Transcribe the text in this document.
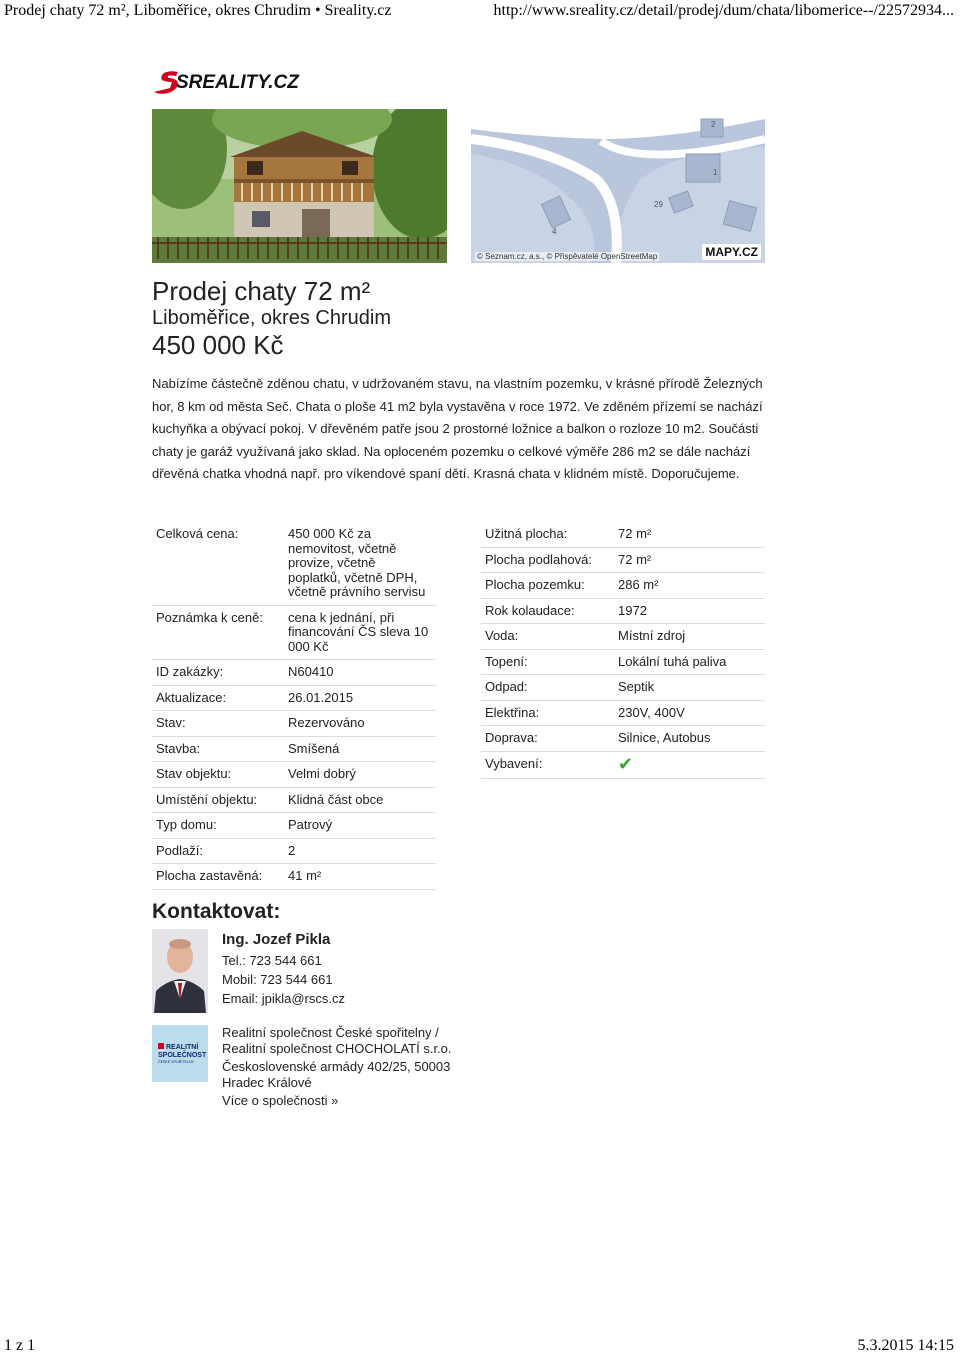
Prodej chaty 72 m², Liboměřice, okres Chrudim • Sreality.cz	http://www.sreality.cz/detail/prodej/dum/chata/libomerice--/22572934...
SREALITY.CZ
2
1
29
4
© Seznam.cz, a.s., © Přispěvatelé OpenStreetMap	MAPY.CZ
Prodej chaty 72 m²
Liboměřice, okres Chrudim
450 000 Kč

Nabízíme částečně zděnou chatu, v udržovaném stavu, na vlastním pozemku, v krásné přírodě Železných hor, 8 km od města Seč. Chata o ploše 41 m2 byla vystavěna v roce 1972. Ve zděném přízemí se nachází kuchyňka a obývací pokoj. V dřevěném patře jsou 2 prostorné ložnice a balkon o rozloze 10 m2. Součásti chaty je garáž využívaná jako sklad. Na oploceném pozemku o celkové výměře 286 m2 se dále nachází dřevěná chatka vhodná např. pro víkendové spaní dětí. Krasná chata v klidném místě. Doporučujeme.

Celková cena:	450 000 Kč za nemovitost, včetně provize, včetně poplatků, včetně DPH, včetně právního servisu
Poznámka k ceně:	cena k jednání, při financování ČS sleva 10 000 Kč
ID zakázky:	N60410
Aktualizace:	26.01.2015
Stav:	Rezervováno
Stavba:	Smíšená
Stav objektu:	Velmi dobrý
Umístění objektu:	Klidná část obce
Typ domu:	Patrový
Podlaží:	2
Plocha zastavěná:	41 m²
Užitná plocha:	72 m²
Plocha podlahová:	72 m²
Plocha pozemku:	286 m²
Rok kolaudace:	1972
Voda:	Místní zdroj
Topení:	Lokální tuhá paliva
Odpad:	Septik
Elektřina:	230V, 400V
Doprava:	Silnice, Autobus
Vybavení:	✔
Kontaktovat:
Ing. Jozef Pikla
Tel.: 723 544 661
Mobil: 723 544 661
Email: jpikla@rscs.cz
REALITNÍ
SPOLEČNOST
ČESKÉ SPOŘITELNY
Realitní společnost České spořitelny / Realitní společnost CHOCHOLATÍ s.r.o.
Československé armády 402/25, 50003 Hradec Králové
Více o společnosti »
1 z 1	5.3.2015 14:15
